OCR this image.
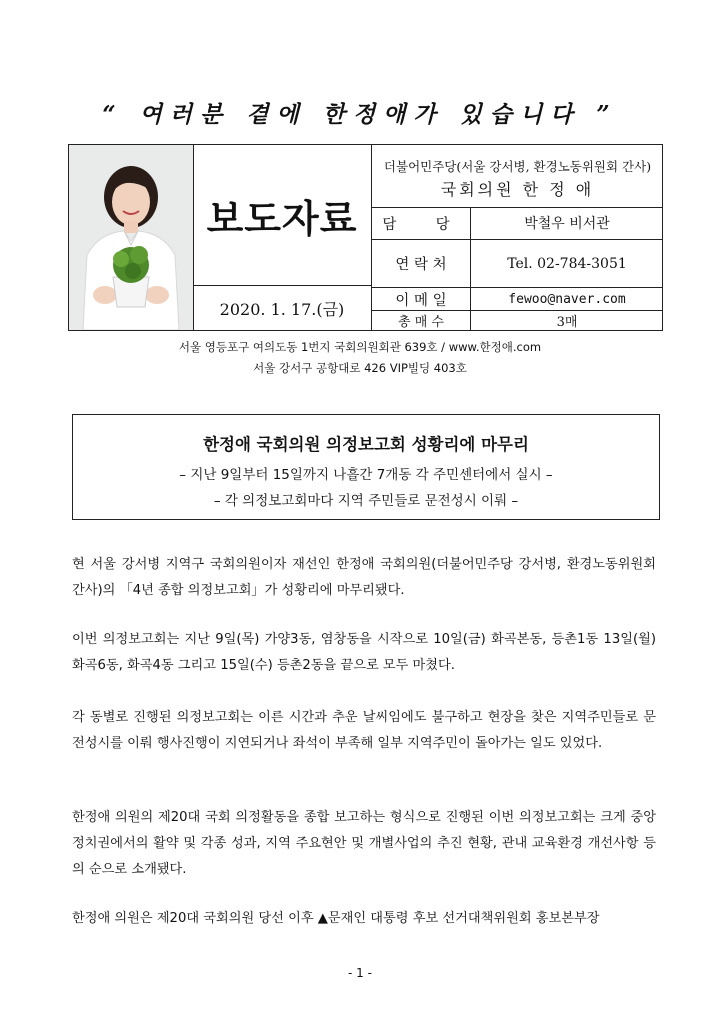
“ 여러분 곁에 한정애가 있습니다 ”
보도자료
2020. 1. 17.(금)
더불어민주당(서울 강서병, 환경노동위원회 간사)
국회의원 한 정 애
담  당	박철우 비서관
연 락 처	Tel. 02-784-3051
이 메 일	fewoo@naver.com
총 매 수	3매
서울 영등포구 여의도동 1번지 국회의원회관 639호 / www.한정애.com
서울 강서구 공항대로 426 VIP빌딩 403호
한정애 국회의원 의정보고회 성황리에 마무리
– 지난 9일부터 15일까지 나흘간 7개동 각 주민센터에서 실시 –
– 각 의정보고회마다 지역 주민들로 문전성시 이뤄 –
현 서울 강서병 지역구 국회의원이자 재선인 한정애 국회의원(더불어민주당 강서병, 환경노동위원회 간사)의 「4년 종합 의정보고회」가 성황리에 마무리됐다.
이번 의정보고회는 지난 9일(목) 가양3동, 염창동을 시작으로 10일(금) 화곡본동, 등촌1동 13일(월) 화곡6동, 화곡4동 그리고 15일(수) 등촌2동을 끝으로 모두 마쳤다.
각 동별로 진행된 의정보고회는 이른 시간과 추운 날씨임에도 불구하고 현장을 찾은 지역주민들로 문전성시를 이뤄 행사진행이 지연되거나 좌석이 부족해 일부 지역주민이 돌아가는 일도 있었다.
한정애 의원의 제20대 국회 의정활동을 종합 보고하는 형식으로 진행된 이번 의정보고회는 크게 중앙 정치권에서의 활약 및 각종 성과, 지역 주요현안 및 개별사업의 추진 현황, 관내 교육환경 개선사항 등의 순으로 소개됐다.
한정애 의원은 제20대 국회의원 당선 이후 ▲문재인 대통령 후보 선거대책위원회 홍보본부장
- 1 -
